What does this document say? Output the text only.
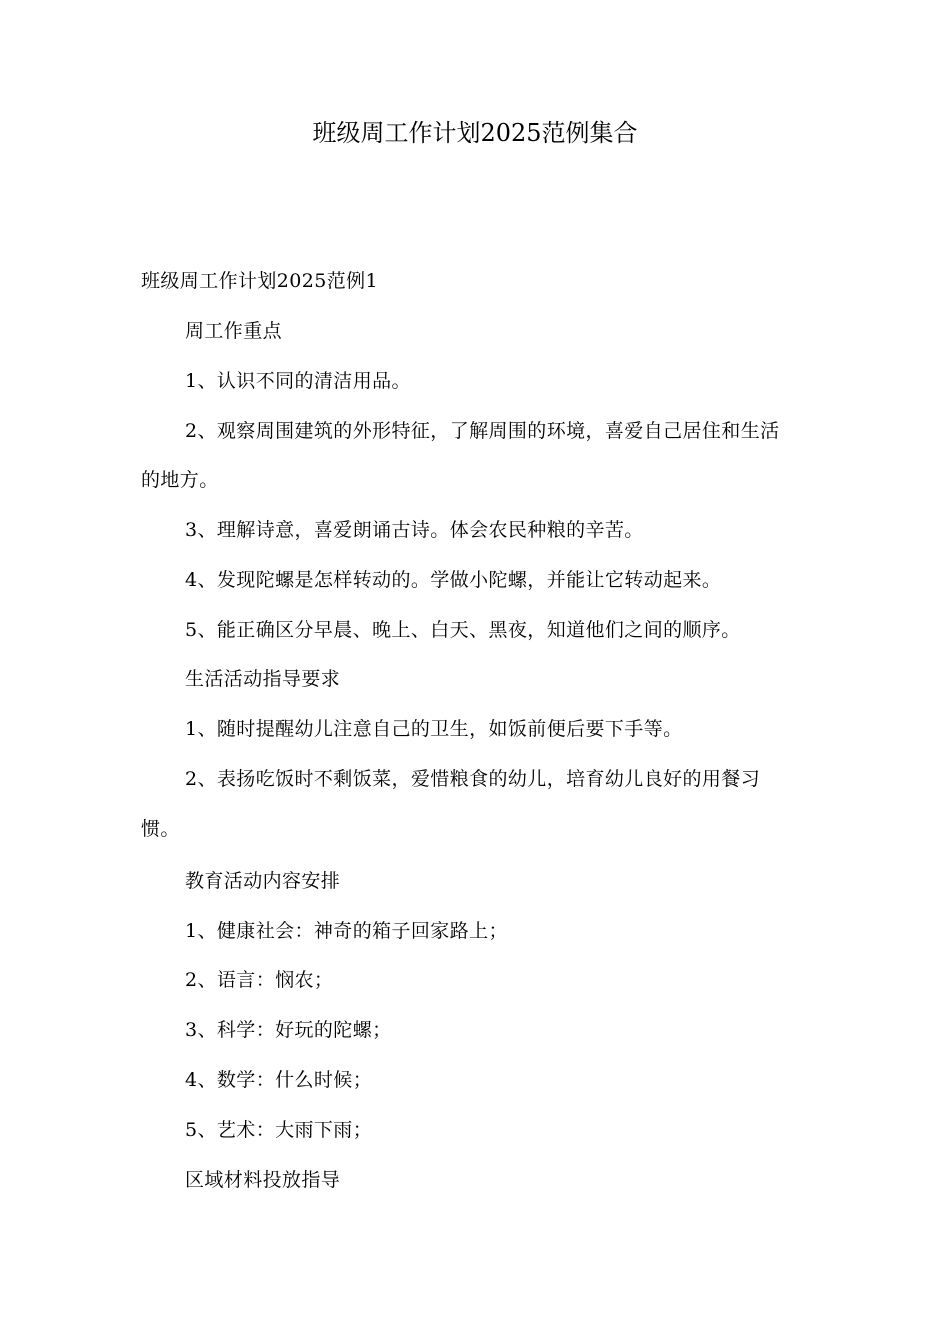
班级周工作计划2025范例集合
班级周工作计划2025范例1
周工作重点
1、认识不同的清洁用品。
2、观察周围建筑的外形特征，了解周围的环境，喜爱自己居住和生活
的地方。
3、理解诗意，喜爱朗诵古诗。体会农民种粮的辛苦。
4、发现陀螺是怎样转动的。学做小陀螺，并能让它转动起来。
5、能正确区分早晨、晚上、白天、黑夜，知道他们之间的顺序。
生活活动指导要求
1、随时提醒幼儿注意自己的卫生，如饭前便后要下手等。
2、表扬吃饭时不剩饭菜，爱惜粮食的幼儿，培育幼儿良好的用餐习
惯。
教育活动内容安排
1、健康社会：神奇的箱子回家路上；
2、语言：悯农；
3、科学：好玩的陀螺；
4、数学：什么时候；
5、艺术：大雨下雨；
区域材料投放指导
